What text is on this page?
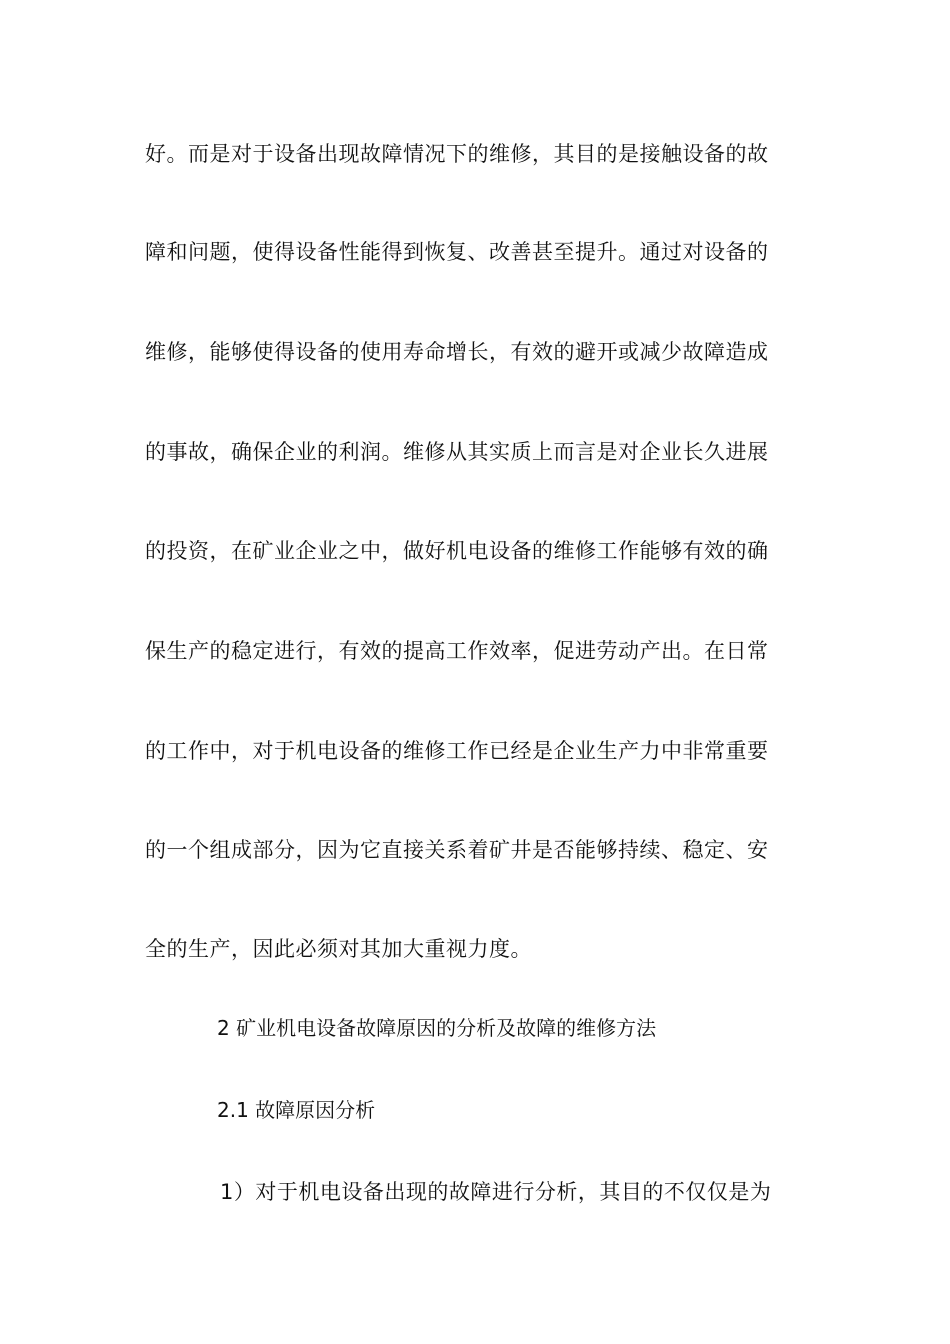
好。而是对于设备出现故障情况下的维修，其目的是接触设备的故
障和问题，使得设备性能得到恢复、改善甚至提升。通过对设备的
维修，能够使得设备的使用寿命增长，有效的避开或减少故障造成
的事故，确保企业的利润。维修从其实质上而言是对企业长久进展
的投资，在矿业企业之中，做好机电设备的维修工作能够有效的确
保生产的稳定进行，有效的提高工作效率，促进劳动产出。在日常
的工作中，对于机电设备的维修工作已经是企业生产力中非常重要
的一个组成部分，因为它直接关系着矿井是否能够持续、稳定、安
全的生产，因此必须对其加大重视力度。
2 矿业机电设备故障原因的分析及故障的维修方法
2.1 故障原因分析
1）对于机电设备出现的故障进行分析，其目的不仅仅是为
